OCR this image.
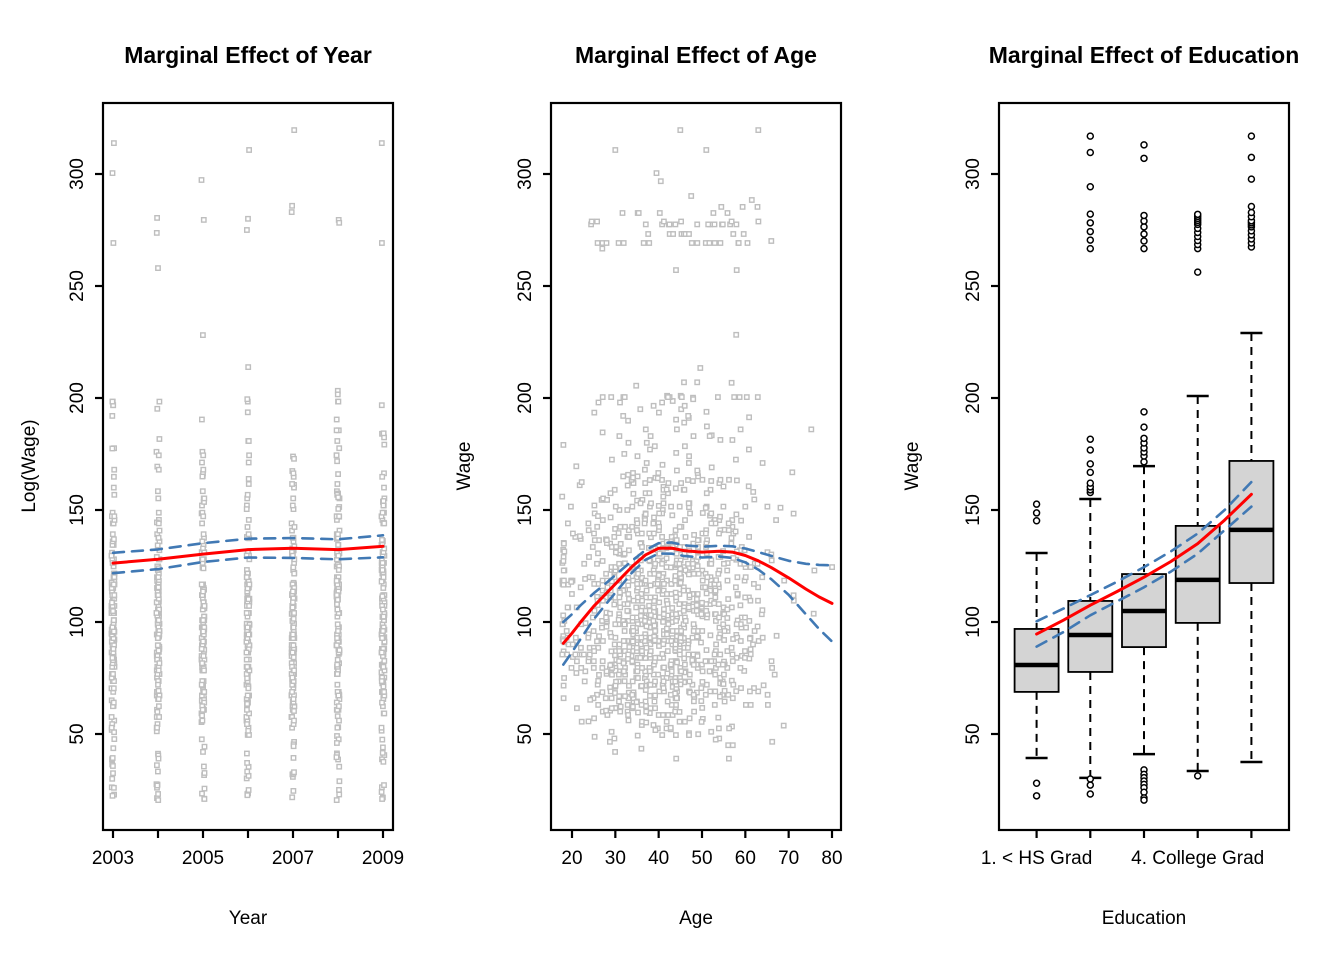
Marginal Effect of Year	Marginal Effect of Age	Marginal Effect of Education
Year	Age	Education
Log(Wage)	Wage	Wage
50
100
150
200
250
300
2003	2005	2007	2009
50
100
150
200
250
300
20 30 40 50 60 70 80
50
100
150
200
250
300
1. < HS Grad 4. College Grad
